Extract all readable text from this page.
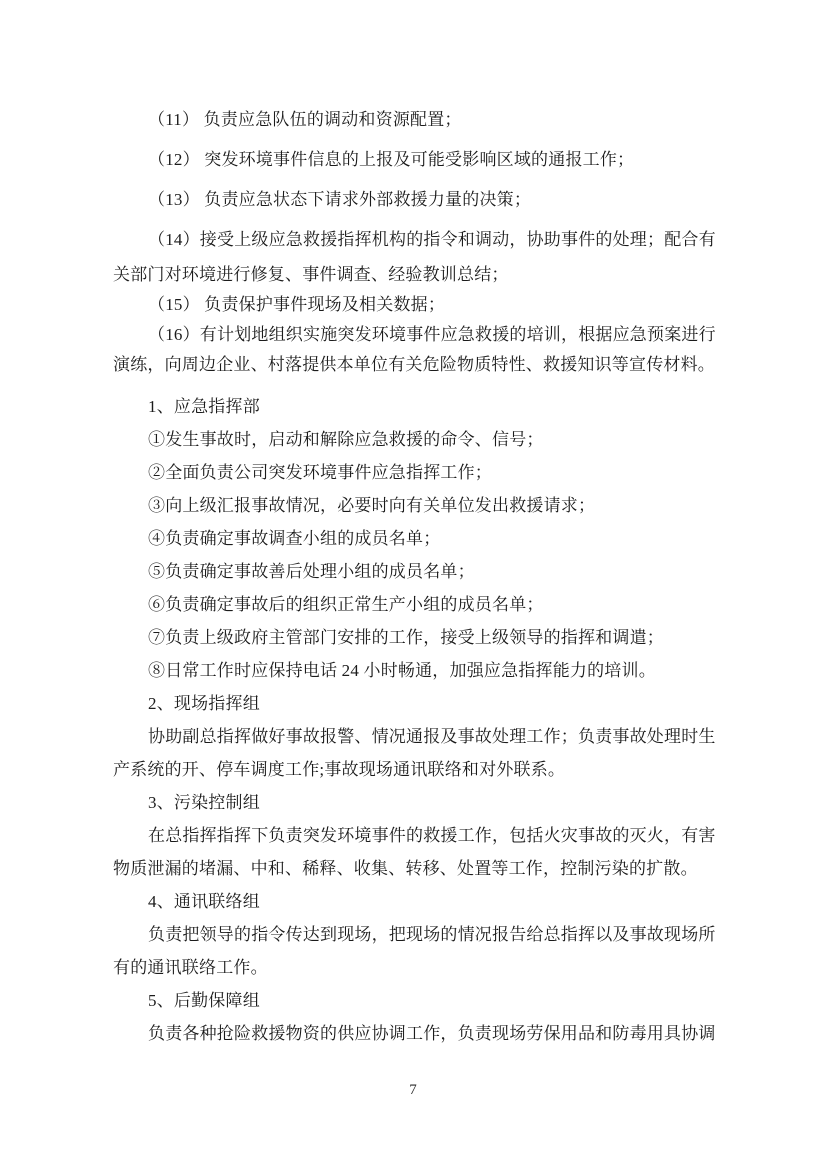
（11） 负责应急队伍的调动和资源配置；
（12） 突发环境事件信息的上报及可能受影响区域的通报工作；
（13） 负责应急状态下请求外部救援力量的决策；
（14）接受上级应急救援指挥机构的指令和调动，协助事件的处理；配合有
关部门对环境进行修复、事件调查、经验教训总结；
（15） 负责保护事件现场及相关数据；
（16）有计划地组织实施突发环境事件应急救援的培训，根据应急预案进行
演练，向周边企业、村落提供本单位有关危险物质特性、救援知识等宣传材料。
1、应急指挥部
①发生事故时，启动和解除应急救援的命令、信号；
②全面负责公司突发环境事件应急指挥工作；
③向上级汇报事故情况，必要时向有关单位发出救援请求；
④负责确定事故调查小组的成员名单；
⑤负责确定事故善后处理小组的成员名单；
⑥负责确定事故后的组织正常生产小组的成员名单；
⑦负责上级政府主管部门安排的工作，接受上级领导的指挥和调遣；
⑧日常工作时应保持电话 24 小时畅通，加强应急指挥能力的培训。
2、现场指挥组
协助副总指挥做好事故报警、情况通报及事故处理工作；负责事故处理时生
产系统的开、停车调度工作;事故现场通讯联络和对外联系。
3、污染控制组
在总指挥指挥下负责突发环境事件的救援工作，包括火灾事故的灭火，有害
物质泄漏的堵漏、中和、稀释、收集、转移、处置等工作，控制污染的扩散。
4、通讯联络组
负责把领导的指令传达到现场，把现场的情况报告给总指挥以及事故现场所
有的通讯联络工作。
5、后勤保障组
负责各种抢险救援物资的供应协调工作，负责现场劳保用品和防毒用具协调
7
